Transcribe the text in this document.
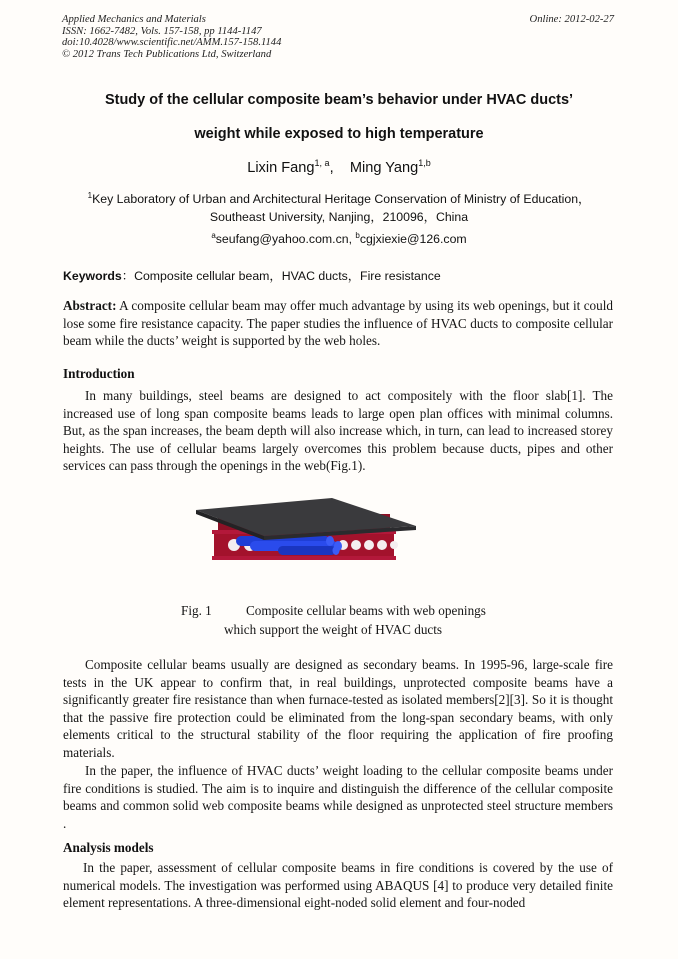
Applied Mechanics and Materials
ISSN: 1662-7482, Vols. 157-158, pp 1144-1147
doi:10.4028/www.scientific.net/AMM.157-158.1144
© 2012 Trans Tech Publications Ltd, Switzerland
Online: 2012-02-27
Study of the cellular composite beam’s behavior under HVAC ducts’
weight while exposed to high temperature
Lixin Fang$^{1, a}$,    Ming Yang$^{1,b}$
$^1$Key Laboratory of Urban and Architectural Heritage Conservation of Ministry of Education，
Southeast University, Nanjing，210096，China
$^a$seufang@yahoo.com.cn, $^b$cgjxiexie@126.com
Keywords：Composite cellular beam，HVAC ducts，Fire resistance
Abstract: A composite cellular beam may offer much advantage by using its web openings, but it could lose some fire resistance capacity. The paper studies the influence of HVAC ducts to composite cellular beam while the ducts’ weight is supported by the web holes.
Introduction
In many buildings, steel beams are designed to act compositely with the floor slab[1]. The increased use of long span composite beams leads to large open plan offices with minimal columns. But, as the span increases, the beam depth will also increase which, in turn, can lead to increased storey heights. The use of cellular beams largely overcomes this problem because ducts, pipes and other services can pass through the openings in the web(Fig.1).
Fig. 1	Composite cellular beams with web openings
which support the weight of HVAC ducts
Composite cellular beams usually are designed as secondary beams. In 1995-96, large-scale fire tests in the UK appear to confirm that, in real buildings, unprotected composite beams have a significantly greater fire resistance than when furnace-tested as isolated members[2][3]. So it is thought that the passive fire protection could be eliminated from the long-span secondary beams, with only elements critical to the structural stability of the floor requiring the application of fire proofing materials.
In the paper, the influence of HVAC ducts’ weight loading to the cellular composite beams under fire conditions is studied. The aim is to inquire and distinguish the difference of the cellular composite beams and common solid web composite beams while designed as unprotected steel structure members .
Analysis models
In the paper, assessment of cellular composite beams in fire conditions is covered by the use of numerical models. The investigation was performed using ABAQUS [4] to produce very detailed finite element representations. A three-dimensional eight-noded solid element and four-noded
